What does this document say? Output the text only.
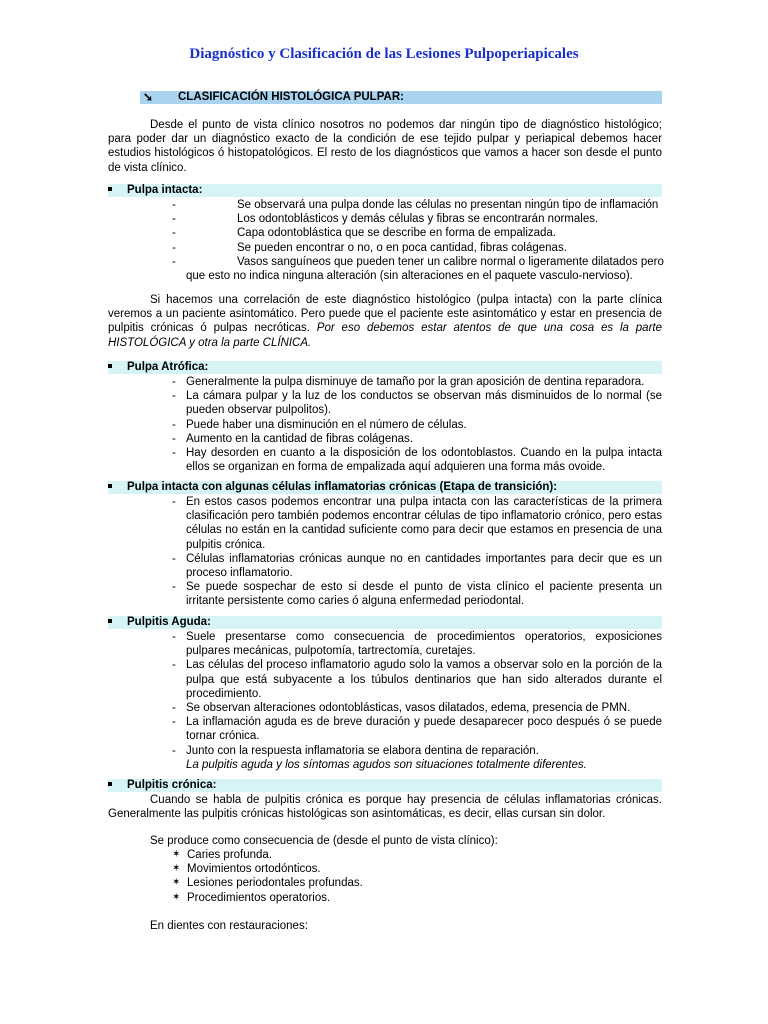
Diagnóstico y Clasificación de las Lesiones Pulpoperiapicales
➘ CLASIFICACIÓN HISTOLÓGICA PULPAR:
Desde el punto de vista clínico nosotros no podemos dar ningún tipo de diagnóstico histológico; para poder dar un diagnóstico exacto de la condición de ese tejido pulpar y periapical debemos hacer estudios histológicos ó histopatológicos. El resto de los diagnósticos que vamos a hacer son desde el punto de vista clínico.
Pulpa intacta:
-	Se observará una pulpa donde las células no presentan ningún tipo de inflamación
-	Los odontoblásticos y demás células y fibras se encontrarán normales.
-	Capa odontoblástica que se describe en forma de empalizada.
-	Se pueden encontrar o no, o en poca cantidad, fibras colágenas.
-	Vasos sanguíneos que pueden tener un calibre normal o ligeramente dilatados pero
que esto no indica ninguna alteración (sin alteraciones en el paquete vasculo-nervioso).
Si hacemos una correlación de este diagnóstico histológico (pulpa intacta) con la parte clínica veremos a un paciente asintomático. Pero puede que el paciente este asintomático y estar en presencia de pulpitis crónicas ó pulpas necróticas. Por eso debemos estar atentos de que una cosa es la parte HISTOLÓGICA y otra la parte CLÍNICA.
Pulpa Atrófica:
- Generalmente la pulpa disminuye de tamaño por la gran aposición de dentina reparadora.
- La cámara pulpar y la luz de los conductos se observan más disminuidos de lo normal (se pueden observar pulpolitos).
- Puede haber una disminución en el número de células.
- Aumento en la cantidad de fibras colágenas.
- Hay desorden en cuanto a la disposición de los odontoblastos. Cuando en la pulpa intacta ellos se organizan en forma de empalizada aquí adquieren una forma más ovoide.
Pulpa intacta con algunas células inflamatorias crónicas (Etapa de transición):
- En estos casos podemos encontrar una pulpa intacta con las características de la primera clasificación pero también podemos encontrar células de tipo inflamatorio crónico, pero estas células no están en la cantidad suficiente como para decir que estamos en presencia de una pulpitis crónica.
- Células inflamatorias crónicas aunque no en cantidades importantes para decir que es un proceso inflamatorio.
- Se puede sospechar de esto si desde el punto de vista clínico el paciente presenta un irritante persistente como caries ó alguna enfermedad periodontal.
Pulpitis Aguda:
- Suele presentarse como consecuencia de procedimientos operatorios, exposiciones pulpares mecánicas, pulpotomía, tartrectomía, curetajes.
- Las células del proceso inflamatorio agudo solo la vamos a observar solo en la porción de la pulpa que está subyacente a los túbulos dentinarios que han sido alterados durante el procedimiento.
- Se observan alteraciones odontoblásticas, vasos dilatados, edema, presencia de PMN.
- La inflamación aguda es de breve duración y puede desaparecer poco después ó se puede tornar crónica.
- Junto con la respuesta inflamatoria se elabora dentina de reparación.
La pulpitis aguda y los síntomas agudos son situaciones totalmente diferentes.
Pulpitis crónica:
Cuando se habla de pulpitis crónica es porque hay presencia de células inflamatorias crónicas. Generalmente las pulpitis crónicas histológicas son asintomáticas, es decir, ellas cursan sin dolor.
Se produce como consecuencia de (desde el punto de vista clínico):
✶ Caries profunda.
✶ Movimientos ortodónticos.
✶ Lesiones periodontales profundas.
✶ Procedimientos operatorios.
En dientes con restauraciones:
